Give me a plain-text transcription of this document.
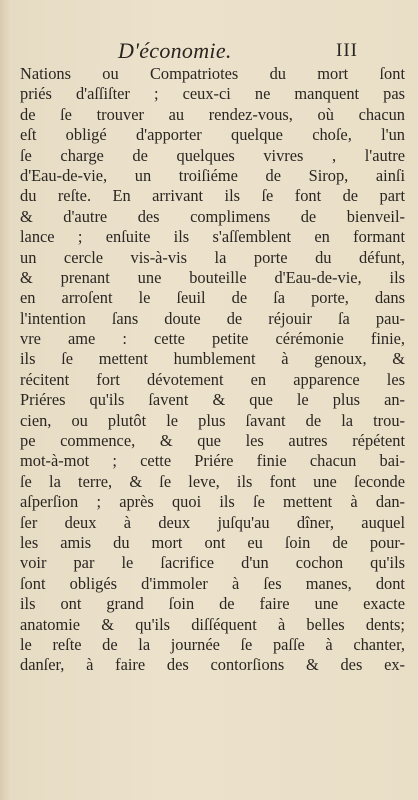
D'économie.	III
Nations ou Compatriotes du mort ſont
priés d'aſſiſter ; ceux-ci ne manquent pas
de ſe trouver au rendez-vous, où chacun
eſt obligé d'apporter quelque choſe, l'un
ſe charge de quelques vivres , l'autre
d'Eau-de-vie, un troiſiéme de Sirop, ainſi
du reſte. En arrivant ils ſe font de part
& d'autre des complimens de bienveil-
lance ; enſuite ils s'aſſemblent en formant
un cercle vis-à-vis la porte du défunt,
& prenant une bouteille d'Eau-de-vie, ils
en arroſent le ſeuil de ſa porte, dans
l'intention ſans doute de réjouir ſa pau-
vre ame : cette petite cérémonie finie,
ils ſe mettent humblement à genoux, &
récitent fort dévotement en apparence les
Priéres qu'ils ſavent & que le plus an-
cien, ou plutôt le plus ſavant de la trou-
pe commence, & que les autres répétent
mot-à-mot ; cette Priére finie chacun bai-
ſe la terre, & ſe leve, ils font une ſeconde
aſperſion ; après quoi ils ſe mettent à dan-
ſer deux à deux juſqu'au dîner, auquel
les amis du mort ont eu ſoin de pour-
voir par le ſacrifice d'un cochon qu'ils
ſont obligés d'immoler à ſes manes, dont
ils ont grand ſoin de faire une exacte
anatomie & qu'ils diſſéquent à belles dents;
le reſte de la journée ſe paſſe à chanter,
danſer, à faire des contorſions & des ex-
